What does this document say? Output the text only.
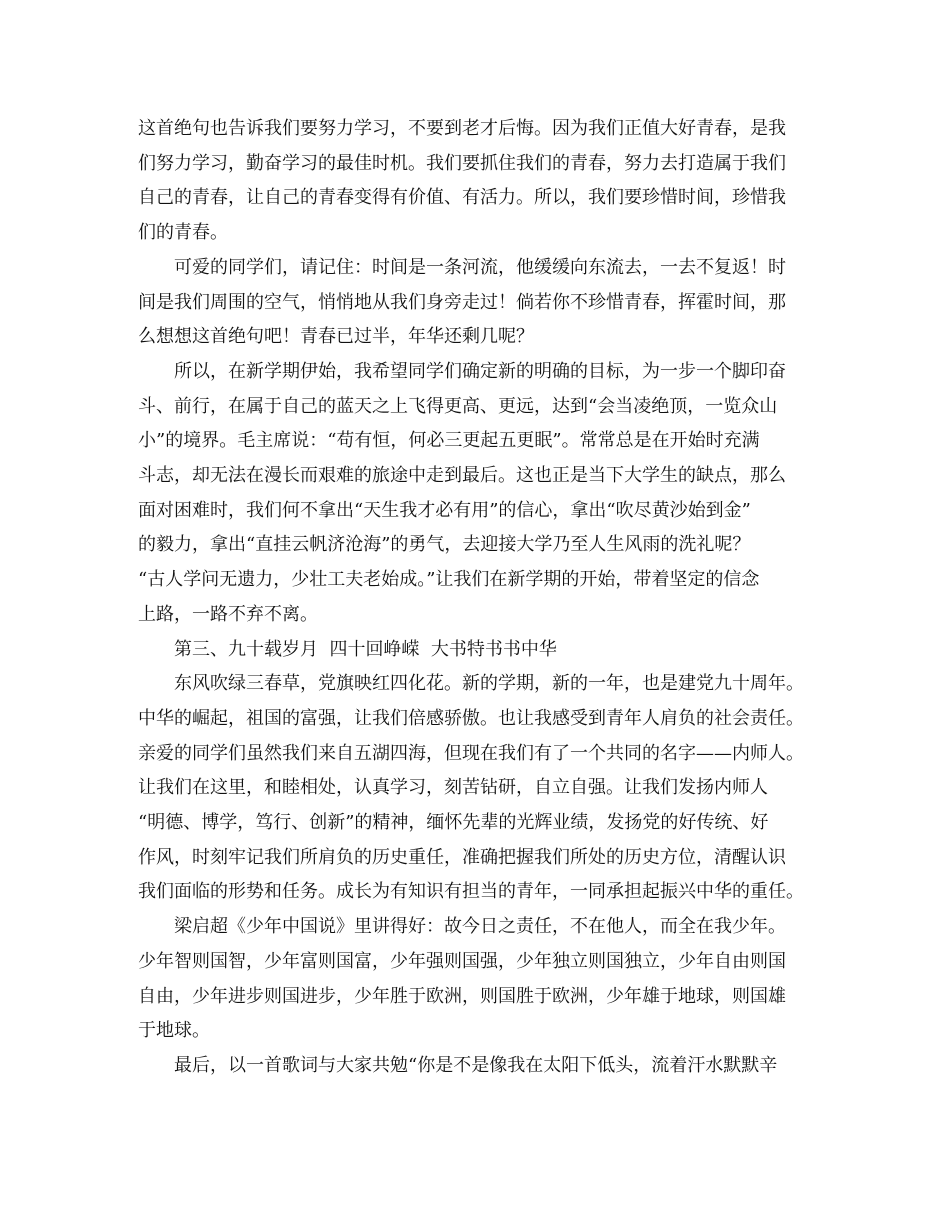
这首绝句也告诉我们要努力学习，不要到老才后悔。因为我们正值大好青春，是我
们努力学习，勤奋学习的最佳时机。我们要抓住我们的青春，努力去打造属于我们
自己的青春，让自己的青春变得有价值、有活力。所以，我们要珍惜时间，珍惜我
们的青春。

可爱的同学们，请记住：时间是一条河流，他缓缓向东流去，一去不复返！时
间是我们周围的空气，悄悄地从我们身旁走过！倘若你不珍惜青春，挥霍时间，那
么想想这首绝句吧！青春已过半，年华还剩几呢？

所以，在新学期伊始，我希望同学们确定新的明确的目标，为一步一个脚印奋
斗、前行，在属于自己的蓝天之上飞得更高、更远，达到“会当凌绝顶，一览众山
小”的境界。毛主席说：“苟有恒，何必三更起五更眠”。常常总是在开始时充满
斗志，却无法在漫长而艰难的旅途中走到最后。这也正是当下大学生的缺点，那么
面对困难时，我们何不拿出“天生我才必有用”的信心，拿出“吹尽黄沙始到金”
的毅力，拿出“直挂云帆济沧海”的勇气，去迎接大学乃至人生风雨的洗礼呢？
“古人学问无遗力，少壮工夫老始成。”让我们在新学期的开始，带着坚定的信念
上路，一路不弃不离。

第三、九十载岁月  四十回峥嵘  大书特书书中华

东风吹绿三春草，党旗映红四化花。新的学期，新的一年，也是建党九十周年。
中华的崛起，祖国的富强，让我们倍感骄傲。也让我感受到青年人肩负的社会责任。
亲爱的同学们虽然我们来自五湖四海，但现在我们有了一个共同的名字——内师人。
让我们在这里，和睦相处，认真学习，刻苦钻研，自立自强。让我们发扬内师人
“明德、博学，笃行、创新”的精神，缅怀先辈的光辉业绩，发扬党的好传统、好
作风，时刻牢记我们所肩负的历史重任，准确把握我们所处的历史方位，清醒认识
我们面临的形势和任务。成长为有知识有担当的青年，一同承担起振兴中华的重任。

梁启超《少年中国说》里讲得好：故今日之责任，不在他人，而全在我少年。
少年智则国智，少年富则国富，少年强则国强，少年独立则国独立，少年自由则国
自由，少年进步则国进步，少年胜于欧洲，则国胜于欧洲，少年雄于地球，则国雄
于地球。

最后，以一首歌词与大家共勉“你是不是像我在太阳下低头，流着汗水默默辛
